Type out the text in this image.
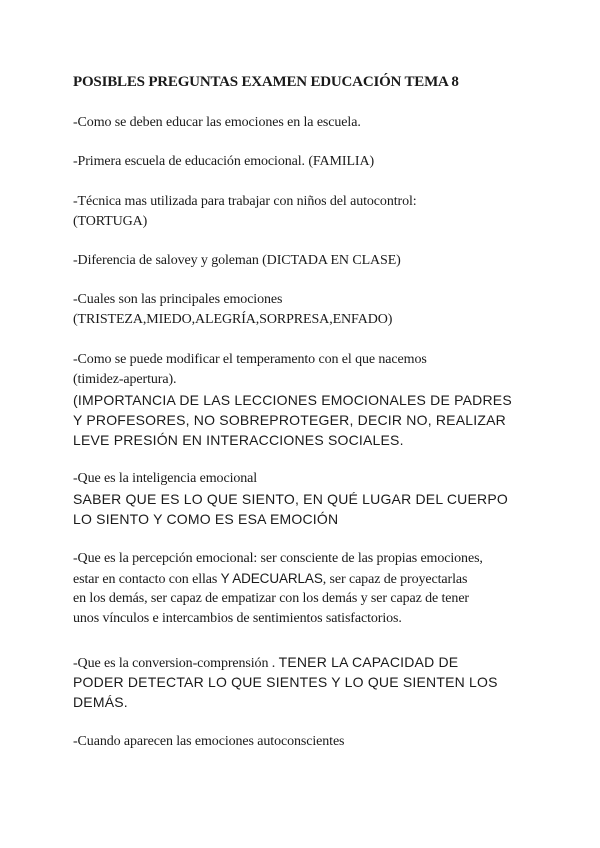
POSIBLES PREGUNTAS EXAMEN EDUCACIÓN TEMA 8
-Como se deben educar las emociones en la escuela.
-Primera escuela de educación emocional. (FAMILIA)
-Técnica mas utilizada para trabajar con niños del autocontrol:
(TORTUGA)
-Diferencia de salovey y goleman (DICTADA EN CLASE)
-Cuales son las principales emociones
(TRISTEZA,MIEDO,ALEGRÍA,SORPRESA,ENFADO)
-Como se puede modificar el temperamento con el que nacemos
(timidez-apertura).
(IMPORTANCIA DE LAS LECCIONES EMOCIONALES DE PADRES
Y PROFESORES, NO SOBREPROTEGER, DECIR NO, REALIZAR
LEVE PRESIÓN EN INTERACCIONES SOCIALES.
-Que es la inteligencia emocional
SABER QUE ES LO QUE SIENTO, EN QUÉ LUGAR DEL CUERPO
LO SIENTO Y COMO ES ESA EMOCIÓN
-Que es la percepción emocional: ser consciente de las propias emociones,
estar en contacto con ellas Y ADECUARLAS, ser capaz de proyectarlas
en los demás, ser capaz de empatizar con los demás y ser capaz de tener
unos vínculos e intercambios de sentimientos satisfactorios.
-Que es la conversion-comprensión . TENER LA CAPACIDAD DE
PODER DETECTAR LO QUE SIENTES Y LO QUE SIENTEN LOS
DEMÁS.
-Cuando aparecen las emociones autoconscientes
